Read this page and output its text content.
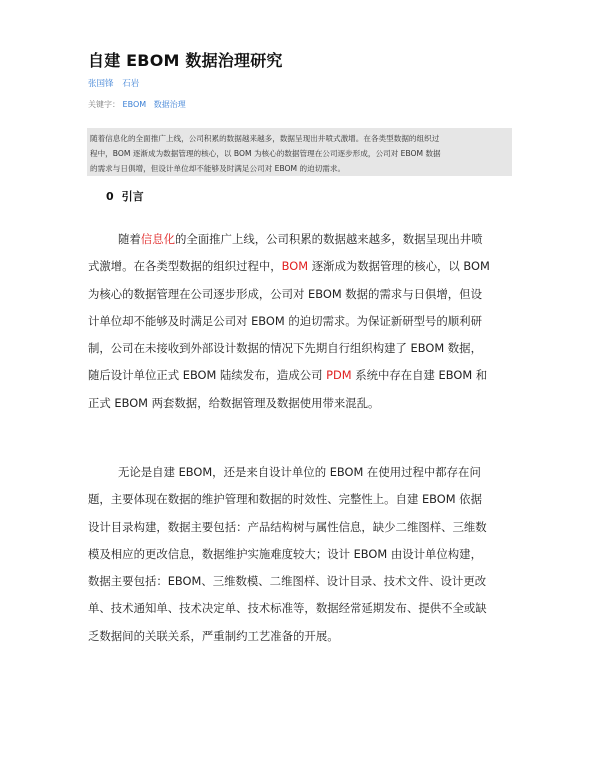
自建 EBOM 数据治理研究
张国锋 石岩
关键字： EBOM 数据治理
随着信息化的全面推广上线，公司积累的数据越来越多，数据呈现出井喷式激增。在各类型数据的组织过
程中，BOM 逐渐成为数据管理的核心，以 BOM 为核心的数据管理在公司逐步形成，公司对 EBOM 数据
的需求与日俱增，但设计单位却不能够及时满足公司对 EBOM 的迫切需求。
0 引言
随着信息化的全面推广上线，公司积累的数据越来越多，数据呈现出井喷
式激增。在各类型数据的组织过程中，BOM 逐渐成为数据管理的核心，以 BOM
为核心的数据管理在公司逐步形成，公司对 EBOM 数据的需求与日俱增，但设
计单位却不能够及时满足公司对 EBOM 的迫切需求。为保证新研型号的顺利研
制，公司在未接收到外部设计数据的情况下先期自行组织构建了 EBOM 数据，
随后设计单位正式 EBOM 陆续发布，造成公司 PDM 系统中存在自建 EBOM 和
正式 EBOM 两套数据，给数据管理及数据使用带来混乱。
无论是自建 EBOM，还是来自设计单位的 EBOM 在使用过程中都存在问
题，主要体现在数据的维护管理和数据的时效性、完整性上。自建 EBOM 依据
设计目录构建，数据主要包括：产品结构树与属性信息，缺少二维图样、三维数
模及相应的更改信息，数据维护实施难度较大；设计 EBOM 由设计单位构建，
数据主要包括：EBOM、三维数模、二维图样、设计目录、技术文件、设计更改
单、技术通知单、技术决定单、技术标准等，数据经常延期发布、提供不全或缺
乏数据间的关联关系，严重制约工艺准备的开展。
